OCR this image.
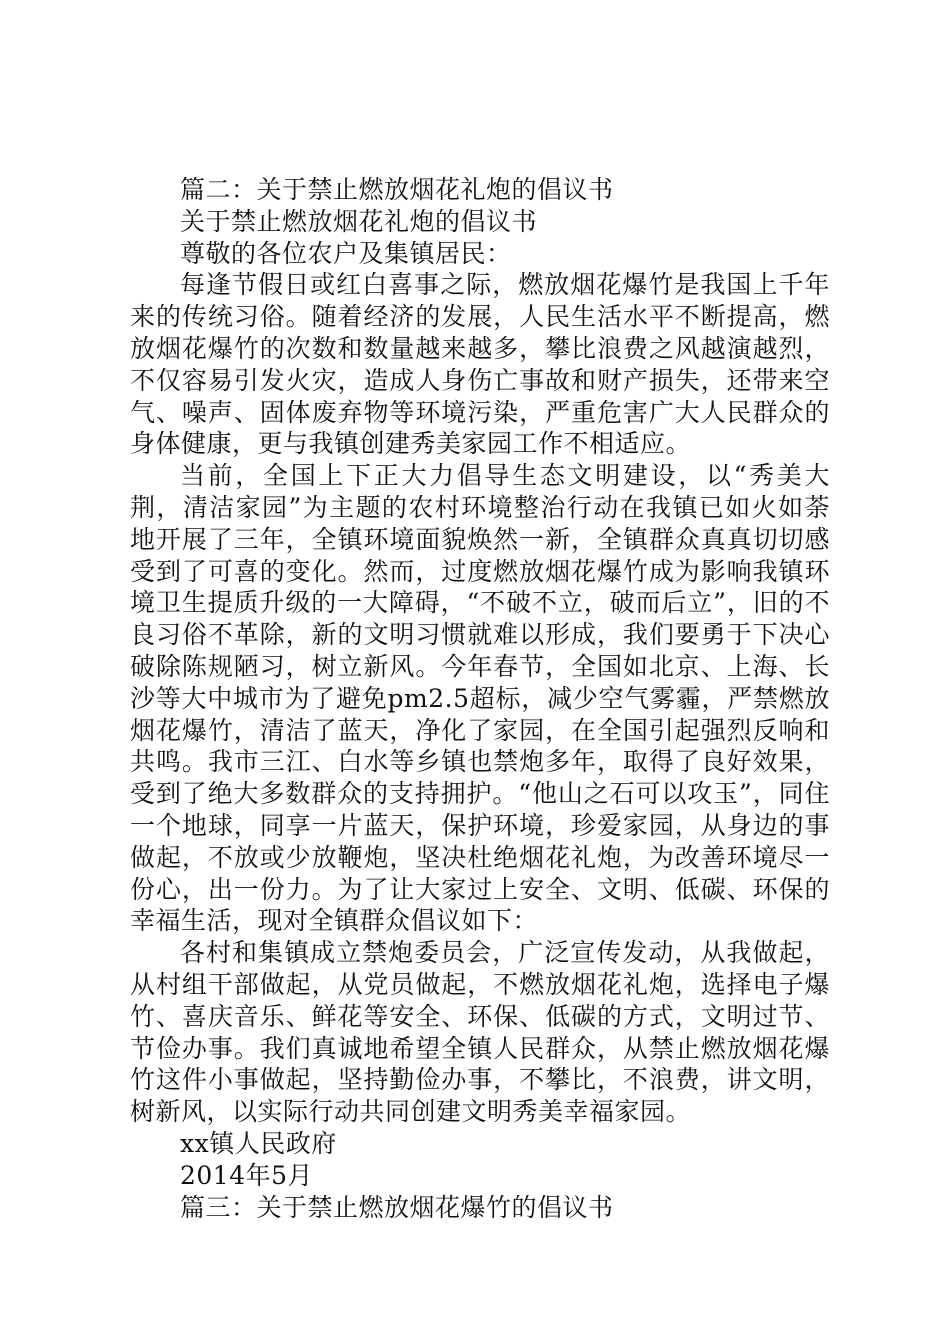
篇二：关于禁止燃放烟花礼炮的倡议书

关于禁止燃放烟花礼炮的倡议书

尊敬的各位农户及集镇居民：

每逢节假日或红白喜事之际，燃放烟花爆竹是我国上千年来的传统习俗。随着经济的发展，人民生活水平不断提高，燃放烟花爆竹的次数和数量越来越多，攀比浪费之风越演越烈，不仅容易引发火灾，造成人身伤亡事故和财产损失，还带来空气、噪声、固体废弃物等环境污染，严重危害广大人民群众的身体健康，更与我镇创建秀美家园工作不相适应。

当前，全国上下正大力倡导生态文明建设，以“秀美大荆，清洁家园”为主题的农村环境整治行动在我镇已如火如荼地开展了三年，全镇环境面貌焕然一新，全镇群众真真切切感受到了可喜的变化。然而，过度燃放烟花爆竹成为影响我镇环境卫生提质升级的一大障碍，“不破不立，破而后立”，旧的不良习俗不革除，新的文明习惯就难以形成，我们要勇于下决心破除陈规陋习，树立新风。今年春节，全国如北京、上海、长沙等大中城市为了避免pm2.5超标，减少空气雾霾，严禁燃放烟花爆竹，清洁了蓝天，净化了家园，在全国引起强烈反响和共鸣。我市三江、白水等乡镇也禁炮多年，取得了良好效果，受到了绝大多数群众的支持拥护。“他山之石可以攻玉”，同住一个地球，同享一片蓝天，保护环境，珍爱家园，从身边的事做起，不放或少放鞭炮，坚决杜绝烟花礼炮，为改善环境尽一份心，出一份力。为了让大家过上安全、文明、低碳、环保的幸福生活，现对全镇群众倡议如下：

各村和集镇成立禁炮委员会，广泛宣传发动，从我做起，从村组干部做起，从党员做起，不燃放烟花礼炮，选择电子爆竹、喜庆音乐、鲜花等安全、环保、低碳的方式，文明过节、节俭办事。我们真诚地希望全镇人民群众，从禁止燃放烟花爆竹这件小事做起，坚持勤俭办事，不攀比，不浪费，讲文明，树新风，以实际行动共同创建文明秀美幸福家园。

xx镇人民政府

2014年5月

篇三：关于禁止燃放烟花爆竹的倡议书
